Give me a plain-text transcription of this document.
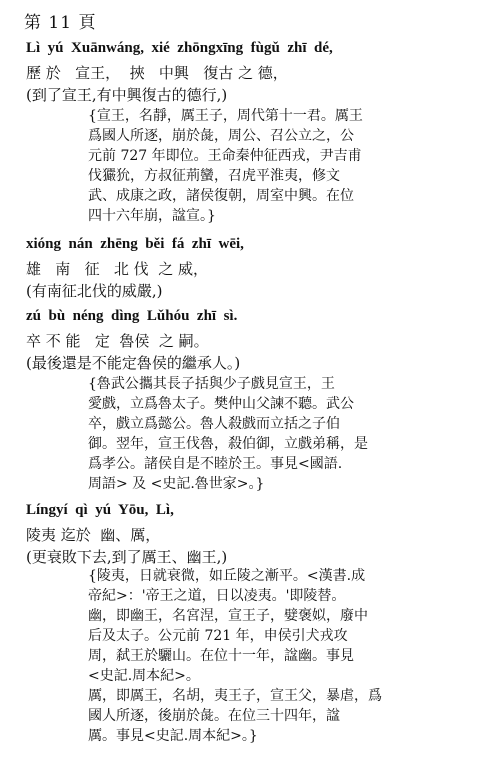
第 11 頁
Lì  yú  Xuānwáng,  xié  zhōngxīng  fùgǔ  zhī  dé,
歷 於   宣王，  挾   中興   復古 之 德，
(到了宣王,有中興復古的德行,)
{宣王，名靜，厲王子，周代第十一君。厲王
爲國人所逐，崩於彘，周公、召公立之，公
元前 727 年即位。王命秦仲征西戎，尹吉甫
伐玁狁，方叔征荊蠻，召虎平淮夷，修文
武、成康之政，諸侯復朝，周室中興。在位
四十六年崩，諡宣。}
xióng  nán  zhēng  běi  fá  zhī  wēi,
雄   南   征   北 伐  之 威，
(有南征北伐的威嚴,)
zú  bù  néng  dìng  Lǔhóu  zhī  sì.
卒 不 能   定  魯侯  之 嗣。
(最後還是不能定魯侯的繼承人。)
{魯武公攜其長子括與少子戲見宣王，王
愛戲，立爲魯太子。樊仲山父諫不聽。武公
卒，戲立爲懿公。魯人殺戲而立括之子伯
御。翌年，宣王伐魯，殺伯御，立戲弟稱，是
爲孝公。諸侯自是不睦於王。事見<國語.
周語> 及 <史記.魯世家>。}
Língyí  qì  yú  Yōu,  Lì,
陵夷 迄於  幽、厲，
(更衰敗下去,到了厲王、幽王,)
{陵夷，日就衰微，如丘陵之漸平。<漢書.成
帝紀>：'帝王之道，日以凌夷。'即陵替。
幽，即幽王，名宮涅，宣王子，嬖褒姒，廢中
后及太子。公元前 721 年，申侯引犬戎攻
周，弑王於驪山。在位十一年，諡幽。事見
<史記.周本紀>。
厲，即厲王，名胡，夷王子，宣王父，暴虐，爲
國人所逐，後崩於彘。在位三十四年，諡
厲。事見<史記.周本紀>。}
